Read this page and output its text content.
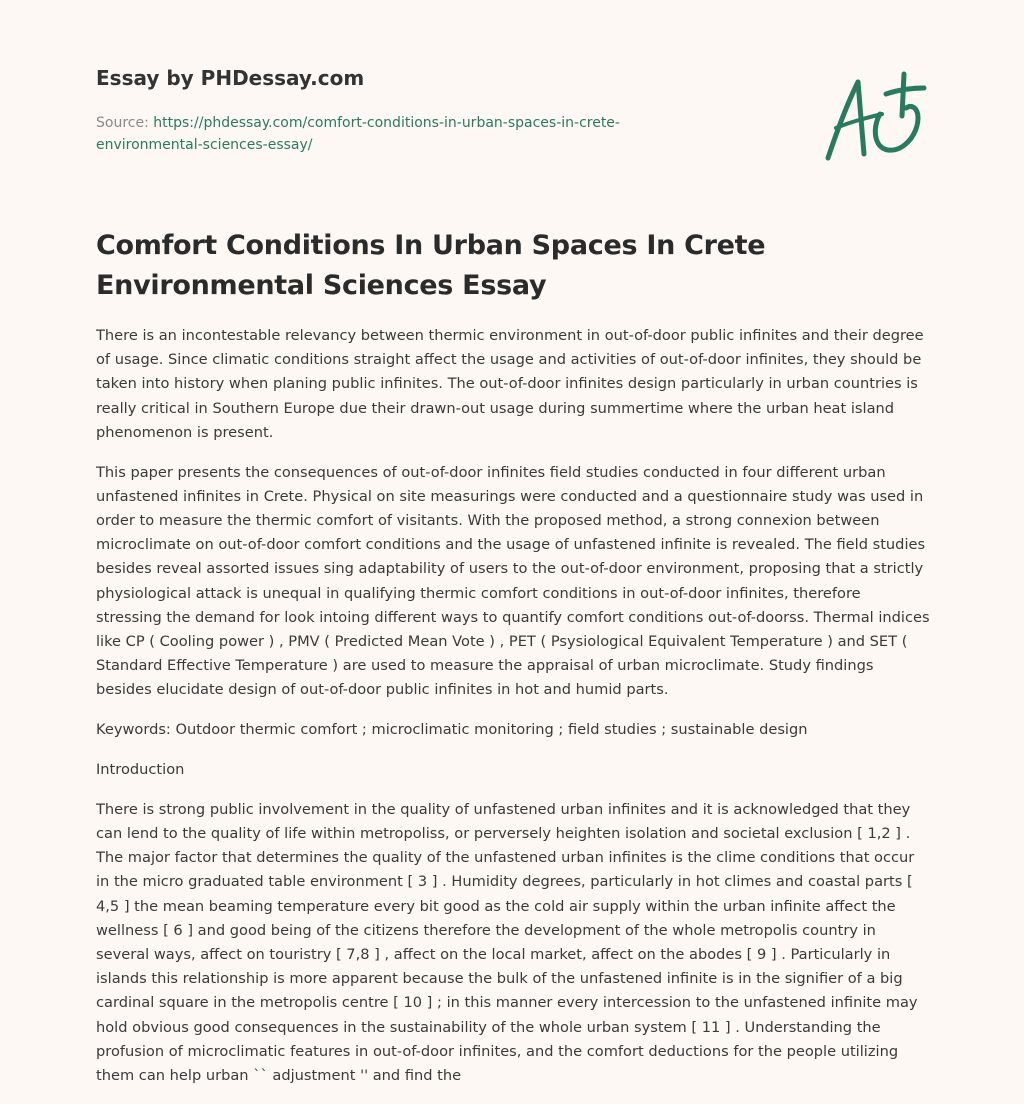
Essay by PHDessay.com
Source: https://phdessay.com/comfort-conditions-in-urban-spaces-in-crete-environmental-sciences-essay/
Comfort Conditions In Urban Spaces In Crete Environmental Sciences Essay

There is an incontestable relevancy between thermic environment in out-of-door public infinites and their degree of usage. Since climatic conditions straight affect the usage and activities of out-of-door infinites, they should be taken into history when planing public infinites. The out-of-door infinites design particularly in urban countries is really critical in Southern Europe due their drawn-out usage during summertime where the urban heat island phenomenon is present.

This paper presents the consequences of out-of-door infinites field studies conducted in four different urban unfastened infinites in Crete. Physical on site measurings were conducted and a questionnaire study was used in order to measure the thermic comfort of visitants. With the proposed method, a strong connexion between microclimate on out-of-door comfort conditions and the usage of unfastened infinite is revealed. The field studies besides reveal assorted issues sing adaptability of users to the out-of-door environment, proposing that a strictly physiological attack is unequal in qualifying thermic comfort conditions in out-of-door infinites, therefore stressing the demand for look intoing different ways to quantify comfort conditions out-of-doorss. Thermal indices like CP ( Cooling power ) , PMV ( Predicted Mean Vote ) , PET ( Psysiological Equivalent Temperature ) and SET ( Standard Effective Temperature ) are used to measure the appraisal of urban microclimate. Study findings besides elucidate design of out-of-door public infinites in hot and humid parts.

Keywords: Outdoor thermic comfort ; microclimatic monitoring ; field studies ; sustainable design

Introduction

There is strong public involvement in the quality of unfastened urban infinites and it is acknowledged that they can lend to the quality of life within metropoliss, or perversely heighten isolation and societal exclusion [ 1,2 ] . The major factor that determines the quality of the unfastened urban infinites is the clime conditions that occur in the micro graduated table environment [ 3 ] . Humidity degrees, particularly in hot climes and coastal parts [ 4,5 ] the mean beaming temperature every bit good as the cold air supply within the urban infinite affect the wellness [ 6 ] and good being of the citizens therefore the development of the whole metropolis country in several ways, affect on touristry [ 7,8 ] , affect on the local market, affect on the abodes [ 9 ] . Particularly in islands this relationship is more apparent because the bulk of the unfastened infinite is in the signifier of a big cardinal square in the metropolis centre [ 10 ] ; in this manner every intercession to the unfastened infinite may hold obvious good consequences in the sustainability of the whole urban system [ 11 ] . Understanding the profusion of microclimatic features in out-of-door infinites, and the comfort deductions for the people utilizing them can help urban `` adjustment '' and find the
